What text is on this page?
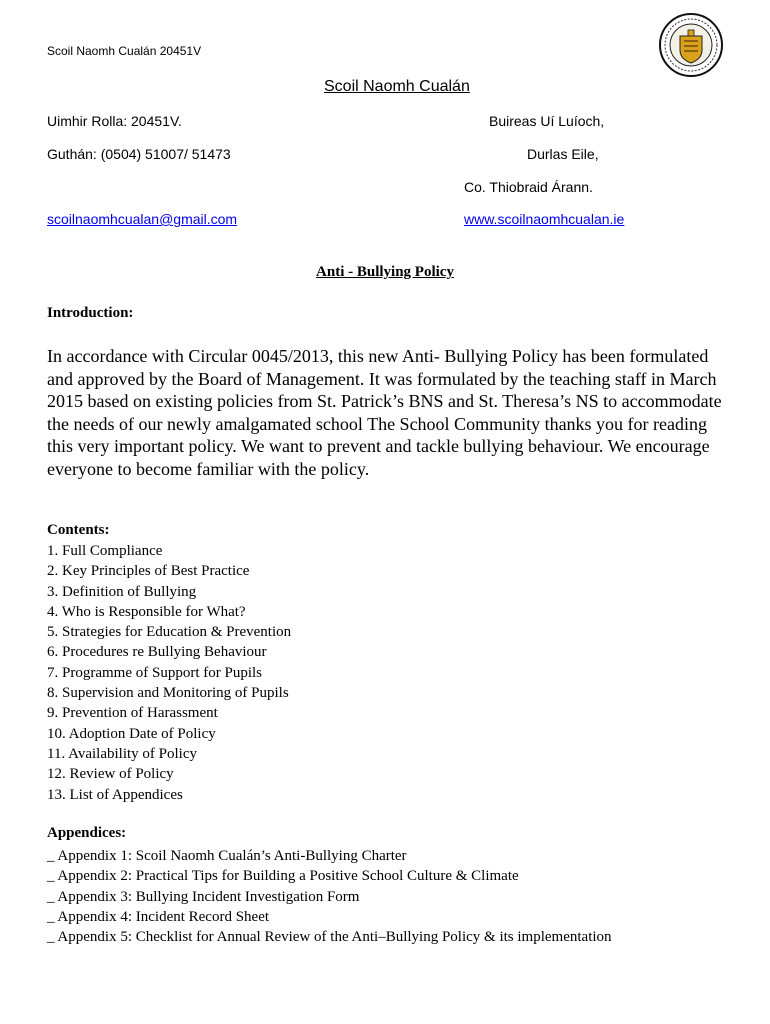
Scoil Naomh Cualán 20451V
Scoil Naomh Cualán
Uimhir Rolla: 20451V.
Guthán: (0504) 51007/ 51473
Buireas Uí Luíoch,
Durlas Eile,
Co. Thiobraid Árann.
scoilnaomhcualan@gmail.com	www.scoilnaomhcualan.ie
Anti - Bullying Policy
Introduction:

In accordance with Circular 0045/2013, this new Anti- Bullying Policy has been formulated and approved by the Board of Management. It was formulated by the teaching staff in March 2015 based on existing policies from St. Patrick’s BNS and St. Theresa’s NS to accommodate the needs of our newly amalgamated school The School Community thanks you for reading this very important policy. We want to prevent and tackle bullying behaviour. We encourage everyone to become familiar with the policy.

Contents:
1. Full Compliance
2. Key Principles of Best Practice
3. Definition of Bullying
4. Who is Responsible for What?
5. Strategies for Education & Prevention
6. Procedures re Bullying Behaviour
7. Programme of Support for Pupils
8. Supervision and Monitoring of Pupils
9. Prevention of Harassment
10. Adoption Date of Policy
11. Availability of Policy
12. Review of Policy
13. List of Appendices
Appendices:
_ Appendix 1: Scoil Naomh Cualán’s Anti-Bullying Charter
_ Appendix 2: Practical Tips for Building a Positive School Culture & Climate
_ Appendix 3: Bullying Incident Investigation Form
_ Appendix 4: Incident Record Sheet
_ Appendix 5: Checklist for Annual Review of the Anti–Bullying Policy & its implementation
